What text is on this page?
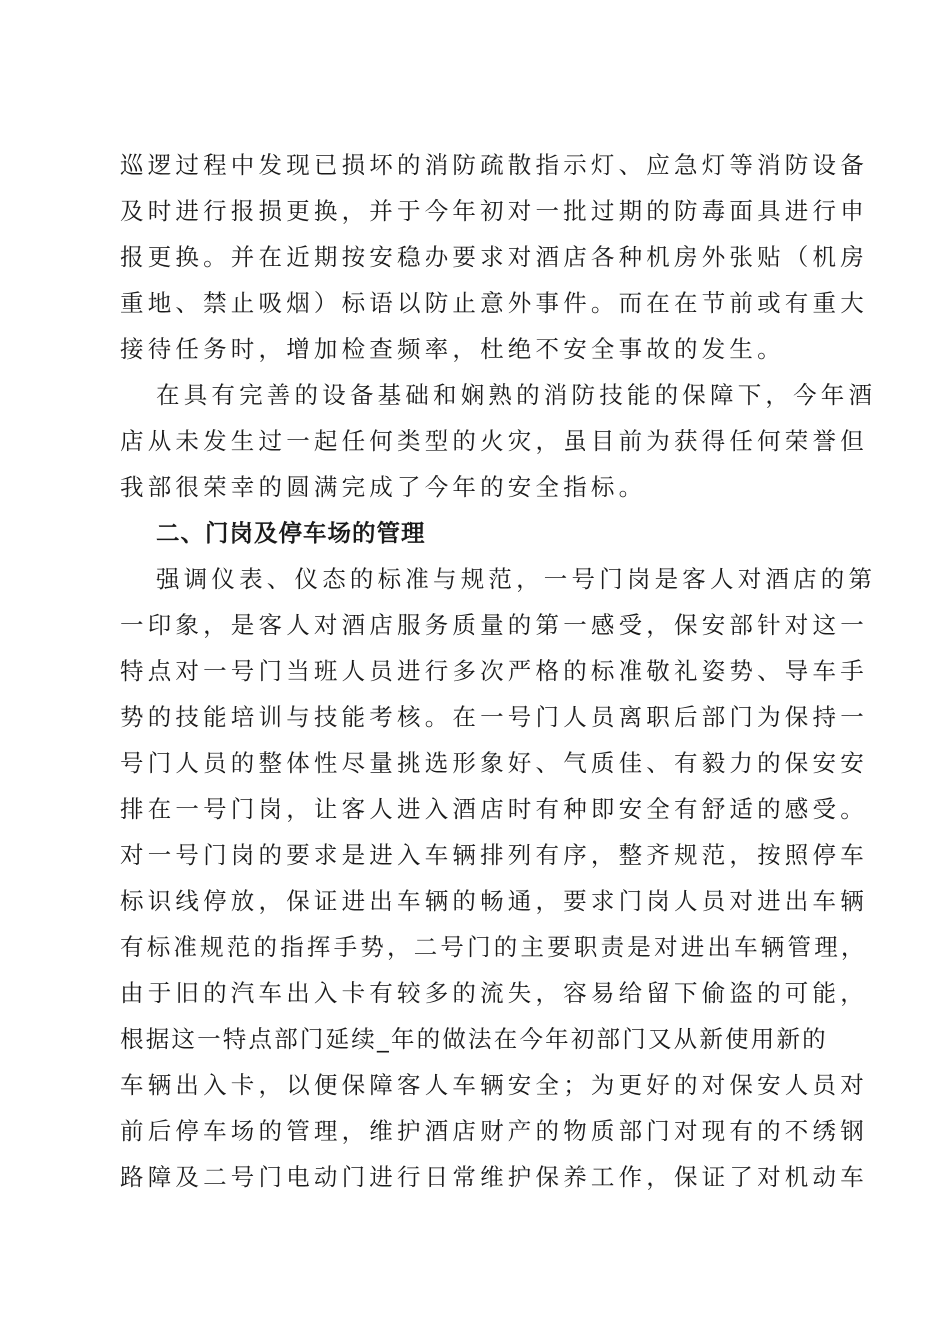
巡逻过程中发现已损坏的消防疏散指示灯、应急灯等消防设备
及时进行报损更换，并于今年初对一批过期的防毒面具进行申
报更换。并在近期按安稳办要求对酒店各种机房外张贴（机房
重地、禁止吸烟）标语以防止意外事件。而在在节前或有重大
接待任务时，增加检查频率，杜绝不安全事故的发生。
在具有完善的设备基础和娴熟的消防技能的保障下，今年酒
店从未发生过一起任何类型的火灾，虽目前为获得任何荣誉但
我部很荣幸的圆满完成了今年的安全指标。
二、门岗及停车场的管理
强调仪表、仪态的标准与规范，一号门岗是客人对酒店的第
一印象，是客人对酒店服务质量的第一感受，保安部针对这一
特点对一号门当班人员进行多次严格的标准敬礼姿势、导车手
势的技能培训与技能考核。在一号门人员离职后部门为保持一
号门人员的整体性尽量挑选形象好、气质佳、有毅力的保安安
排在一号门岗，让客人进入酒店时有种即安全有舒适的感受。
对一号门岗的要求是进入车辆排列有序，整齐规范，按照停车
标识线停放，保证进出车辆的畅通，要求门岗人员对进出车辆
有标准规范的指挥手势，二号门的主要职责是对进出车辆管理，
由于旧的汽车出入卡有较多的流失，容易给留下偷盗的可能，
根据这一特点部门延续_年的做法在今年初部门又从新使用新的
车辆出入卡，以便保障客人车辆安全；为更好的对保安人员对
前后停车场的管理，维护酒店财产的物质部门对现有的不绣钢
路障及二号门电动门进行日常维护保养工作，保证了对机动车
